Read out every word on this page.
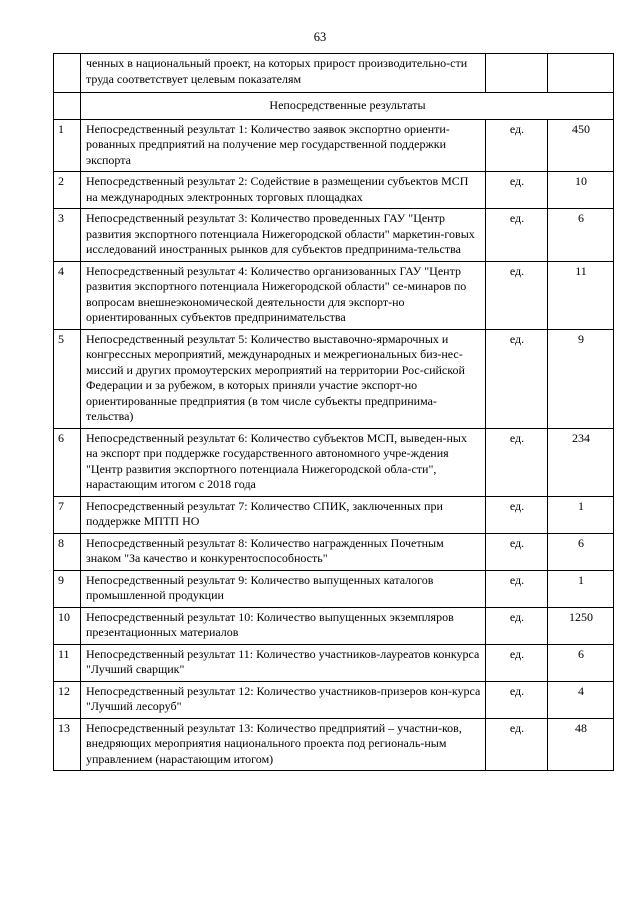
63
	ченных в национальный проект, на которых прирост производительно-сти труда соответствует целевым показателям		
	Непосредственные результаты		
1	Непосредственный результат 1: Количество заявок экспортно ориенти-рованных предприятий на получение мер государственной поддержки экспорта	ед.	450
2	Непосредственный результат 2: Содействие в размещении субъектов МСП на международных электронных торговых площадках	ед.	10
3	Непосредственный результат 3: Количество проведенных ГАУ "Центр развития экспортного потенциала Нижегородской области" маркетин-говых исследований иностранных рынков для субъектов предпринима-тельства	ед.	6
4	Непосредственный результат 4: Количество организованных ГАУ "Центр развития экспортного потенциала Нижегородской области" се-минаров по вопросам внешнеэкономической деятельности для экспорт-но ориентированных субъектов предпринимательства	ед.	11
5	Непосредственный результат 5: Количество выставочно-ярмарочных и конгрессных мероприятий, международных и межрегиональных биз-нес-миссий и других промоутерских мероприятий на территории Рос-сийской Федерации и за рубежом, в которых приняли участие экспорт-но ориентированные предприятия (в том числе субъекты предпринима-тельства)	ед.	9
6	Непосредственный результат 6: Количество субъектов МСП, выведен-ных на экспорт при поддержке государственного автономного учре-ждения "Центр развития экспортного потенциала Нижегородской обла-сти", нарастающим итогом с 2018 года	ед.	234
7	Непосредственный результат 7: Количество СПИК, заключенных при поддержке МПТП НО	ед.	1
8	Непосредственный результат 8: Количество награжденных Почетным знаком "За качество и конкурентоспособность"	ед.	6
9	Непосредственный результат 9: Количество выпущенных каталогов промышленной продукции	ед.	1
10	Непосредственный результат 10: Количество выпущенных экземпляров презентационных материалов	ед.	1250
11	Непосредственный результат 11: Количество участников-лауреатов конкурса "Лучший сварщик"	ед.	6
12	Непосредственный результат 12: Количество участников-призеров кон-курса "Лучший лесоруб"	ед.	4
13	Непосредственный результат 13: Количество предприятий – участни-ков, внедряющих мероприятия национального проекта под региональ-ным управлением (нарастающим итогом)	ед.	48
